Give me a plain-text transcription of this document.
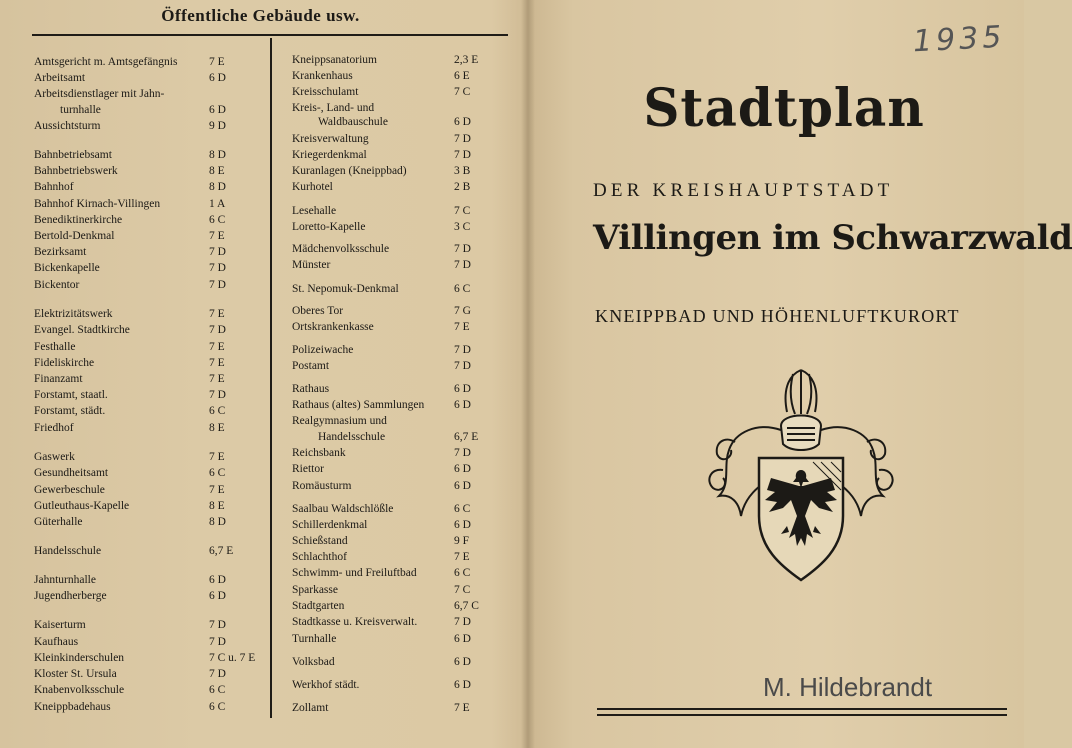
Öffentliche Gebäude usw.
Amtsgericht m. Amtsgefängnis	7 E
Arbeitsamt	6 D
Arbeitsdienstlager mit Jahn-
turnhalle	6 D
Aussichtsturm	9 D
Bahnbetriebsamt	8 D
Bahnbetriebswerk	8 E
Bahnhof	8 D
Bahnhof Kirnach-Villingen	1 A
Benediktinerkirche	6 C
Bertold-Denkmal	7 E
Bezirksamt	7 D
Bickenkapelle	7 D
Bickentor	7 D
Elektrizitätswerk	7 E
Evangel. Stadtkirche	7 D
Festhalle	7 E
Fideliskirche	7 E
Finanzamt	7 E
Forstamt, staatl.	7 D
Forstamt, städt.	6 C
Friedhof	8 E
Gaswerk	7 E
Gesundheitsamt	6 C
Gewerbeschule	7 E
Gutleuthaus-Kapelle	8 E
Güterhalle	8 D
Handelsschule	6,7 E
Jahnturnhalle	6 D
Jugendherberge	6 D
Kaiserturm	7 D
Kaufhaus	7 D
Kleinkinderschulen	7 C u. 7 E
Kloster St. Ursula	7 D
Knabenvolksschule	6 C
Kneippbadehaus	6 C
Kneippsanatorium	2,3 E
Krankenhaus	6 E
Kreisschulamt	7 C
Kreis-, Land- und
Waldbauschule	6 D
Kreisverwaltung	7 D
Kriegerdenkmal	7 D
Kuranlagen (Kneippbad)	3 B
Kurhotel	2 B
Lesehalle	7 C
Loretto-Kapelle	3 C
Mädchenvolksschule	7 D
Münster	7 D
St. Nepomuk-Denkmal	6 C
Oberes Tor	7 G
Ortskrankenkasse	7 E
Polizeiwache	7 D
Postamt	7 D
Rathaus	6 D
Rathaus (altes) Sammlungen	6 D
Realgymnasium und
Handelsschule	6,7 E
Reichsbank	7 D
Riettor	6 D
Romäusturm	6 D
Saalbau Waldschlößle	6 C
Schillerdenkmal	6 D
Schießstand	9 F
Schlachthof	7 E
Schwimm- und Freiluftbad	6 C
Sparkasse	7 C
Stadtgarten	6,7 C
Stadtkasse u. Kreisverwalt.	7 D
Turnhalle	6 D
Volksbad	6 D
Werkhof städt.	6 D
Zollamt	7 E
1935
Stadtplan
DER KREISHAUPTSTADT
Villingen im Schwarzwald
KNEIPPBAD UND HÖHENLUFTKURORT
M. Hildebrandt
